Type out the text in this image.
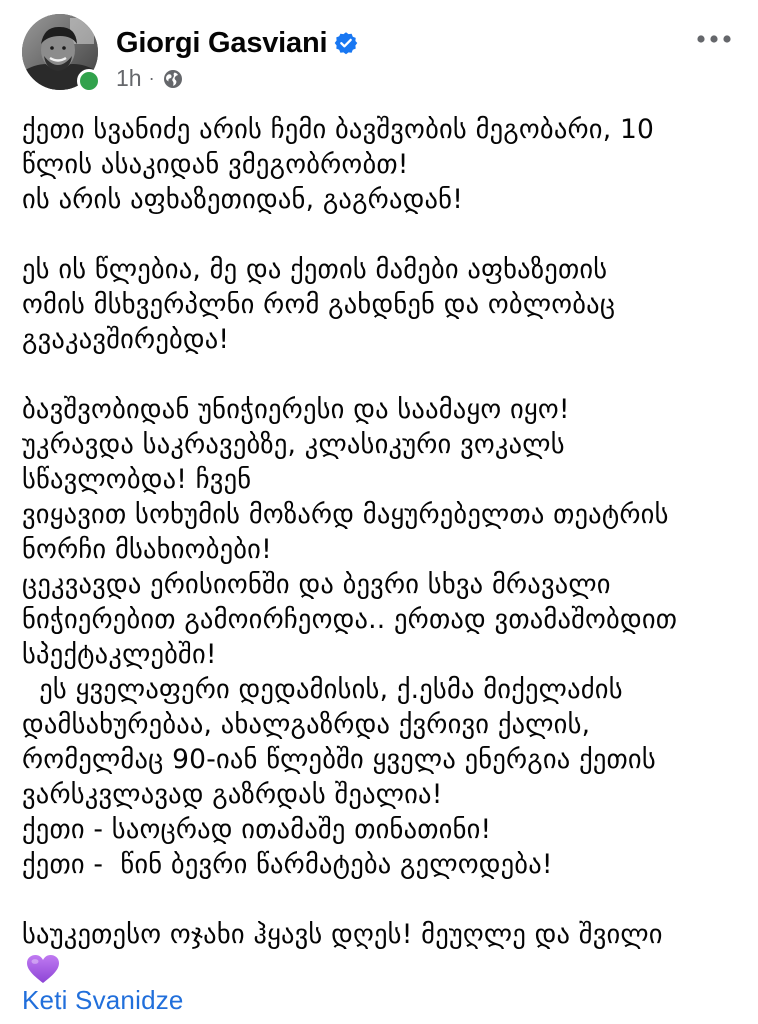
Giorgi Gasviani
1h ·
ქეთი სვანიძე არის ჩემი ბავშვობის მეგობარი, 10
წლის ასაკიდან ვმეგობრობთ!
ის არის აფხაზეთიდან, გაგრადან!
ეს ის წლებია, მე და ქეთის მამები აფხაზეთის
ომის მსხვერპლნი რომ გახდნენ და ობლობაც
გვაკავშირებდა!
ბავშვობიდან უნიჭიერესი და საამაყო იყო!
უკრავდა საკრავებზე, კლასიკური ვოკალს
სწავლობდა! ჩვენ
ვიყავით სოხუმის მოზარდ მაყურებელთა თეატრის
ნორჩი მსახიობები!
ცეკვავდა ერისიონში და ბევრი სხვა მრავალი
ნიჭიერებით გამოირჩეოდა.. ერთად ვთამაშობდით
სპექტაკლებში!
ეს ყველაფერი დედამისის, ქ.ესმა მიქელაძის
დამსახურებაა, ახალგაზრდა ქვრივი ქალის,
რომელმაც 90-იან წლებში ყველა ენერგია ქეთის
ვარსკვლავად გაზრდას შეალია!
ქეთი - საოცრად ითამაშე თინათინი!
ქეთი -  წინ ბევრი წარმატება გელოდება!
საუკეთესო ოჯახი ჰყავს დღეს! მეუღლე და შვილი
Keti Svanidze
